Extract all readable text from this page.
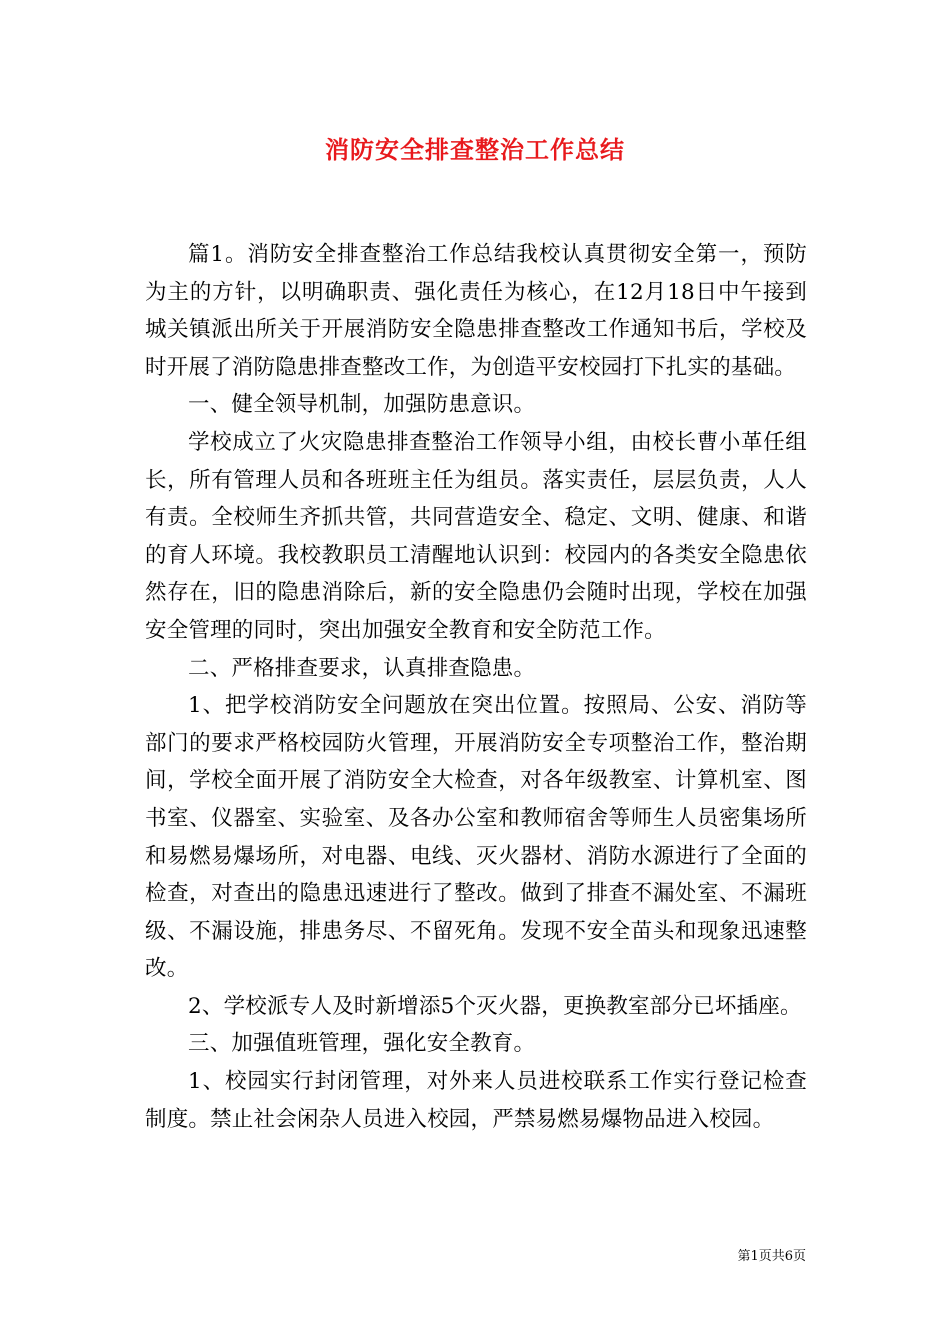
消防安全排查整治工作总结

篇1。消防安全排查整治工作总结我校认真贯彻安全第一，预防为主的方针，以明确职责、强化责任为核心，在12月18日中午接到城关镇派出所关于开展消防安全隐患排查整改工作通知书后，学校及时开展了消防隐患排查整改工作，为创造平安校园打下扎实的基础。

一、健全领导机制，加强防患意识。

学校成立了火灾隐患排查整治工作领导小组，由校长曹小革任组长，所有管理人员和各班班主任为组员。落实责任，层层负责，人人有责。全校师生齐抓共管，共同营造安全、稳定、文明、健康、和谐的育人环境。我校教职员工清醒地认识到：校园内的各类安全隐患依然存在，旧的隐患消除后，新的安全隐患仍会随时出现，学校在加强安全管理的同时，突出加强安全教育和安全防范工作。

二、严格排查要求，认真排查隐患。

1、把学校消防安全问题放在突出位置。按照局、公安、消防等部门的要求严格校园防火管理，开展消防安全专项整治工作，整治期间，学校全面开展了消防安全大检查，对各年级教室、计算机室、图书室、仪器室、实验室、及各办公室和教师宿舍等师生人员密集场所和易燃易爆场所，对电器、电线、灭火器材、消防水源进行了全面的检查，对查出的隐患迅速进行了整改。做到了排查不漏处室、不漏班级、不漏设施，排患务尽、不留死角。发现不安全苗头和现象迅速整改。

2、学校派专人及时新增添5个灭火器，更换教室部分已坏插座。

三、加强值班管理，强化安全教育。

1、校园实行封闭管理，对外来人员进校联系工作实行登记检查制度。禁止社会闲杂人员进入校园，严禁易燃易爆物品进入校园。

第1页共6页
